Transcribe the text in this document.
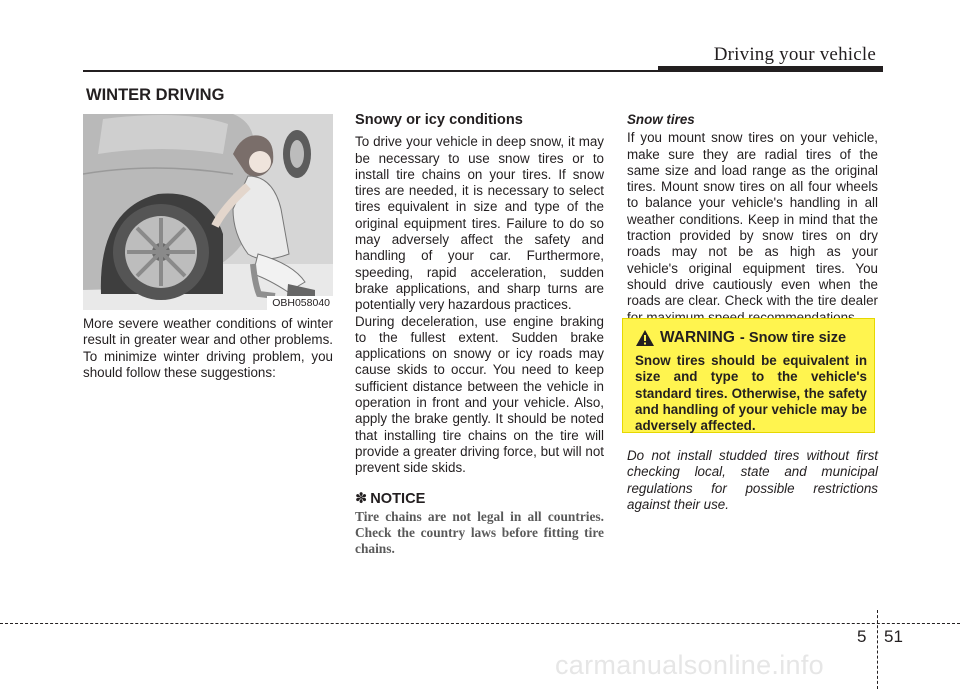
Driving your vehicle
WINTER DRIVING
OBH058040
More severe weather conditions of winter result in greater wear and other problems. To minimize winter driving problem, you should follow these suggestions:
Snowy or icy conditions

To drive your vehicle in deep snow, it may be necessary to use snow tires or to install tire chains on your tires. If snow tires are needed, it is necessary to select tires equivalent in size and type of the original equipment tires. Failure to do so may adversely affect the safety and handling of your car. Furthermore, speeding, rapid acceleration, sudden brake applications, and sharp turns are potentially very hazardous practices.

During deceleration, use engine braking to the fullest extent. Sudden brake applications on snowy or icy roads may cause skids to occur. You need to keep sufficient distance between the vehicle in operation in front and your vehicle. Also, apply the brake gently. It should be noted that installing tire chains on the tire will provide a greater driving force, but will not prevent side skids.

✽ NOTICE
Tire chains are not legal in all countries. Check the country laws before fitting tire chains.
Snow tires

If you mount snow tires on your vehicle, make sure they are radial tires of the same size and load range as the original tires. Mount snow tires on all four wheels to balance your vehicle's handling in all weather conditions. Keep in mind that the traction provided by snow tires on dry roads may not be as high as your vehicle's original equipment tires. You should drive cautiously even when the roads are clear. Check with the tire dealer

WARNING - Snow tire size
Snow tires should be equivalent in size and type to the vehicle's standard tires. Otherwise, the safety and handling of your vehicle may be adversely affected.
Do not install studded tires without first checking local, state and municipal regulations for possible restrictions against their use.
5 51
carmanualsonline.info
